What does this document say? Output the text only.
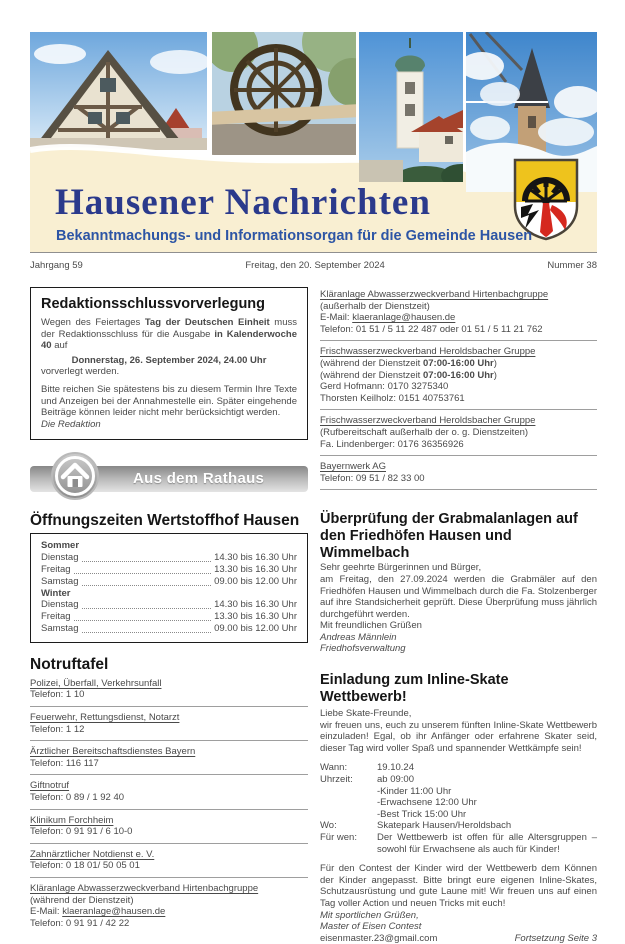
Hausener Nachrichten
Bekanntmachungs- und Informationsorgan für die Gemeinde Hausen
Jahrgang 59	Freitag, den 20. September 2024	Nummer 38
Redaktionsschlussvorverlegung

Wegen des Feiertages Tag der Deutschen Einheit muss der Redaktionsschluss für die Ausgabe in Kalenderwoche 40 auf

Donnerstag, 26. September 2024, 24.00 Uhr

vorverlegt werden.

Bitte reichen Sie spätestens bis zu diesem Termin Ihre Texte und Anzeigen bei der Annahmestelle ein. Später eingehende Beiträge können leider nicht mehr berücksichtigt werden.

Die Redaktion

Aus dem Rathaus
Öffnungszeiten Wertstoffhof Hausen
Sommer
Dienstag	14.30 bis 16.30 Uhr
Freitag	13.30 bis 16.30 Uhr
Samstag	09.00 bis 12.00 Uhr
Winter
Dienstag	14.30 bis 16.30 Uhr
Freitag	13.30 bis 16.30 Uhr
Samstag	09.00 bis 12.00 Uhr
Notruftafel
Polizei, Überfall, Verkehrsunfall
Telefon: 1 10
Feuerwehr, Rettungsdienst, Notarzt
Telefon: 1 12
Ärztlicher Bereitschaftsdienstes Bayern
Telefon: 116 117
Giftnotruf
Telefon: 0 89 / 1 92 40
Klinikum Forchheim
Telefon: 0 91 91 / 6 10-0
Zahnärztlicher Notdienst e. V.
Telefon: 0 18 01/ 50 05 01
Kläranlage Abwasserzweckverband Hirtenbachgruppe
(während der Dienstzeit)
E-Mail: klaeranlage@hausen.de
Telefon: 0 91 91 / 42 22
Kläranlage Abwasserzweckverband Hirtenbachgruppe
(außerhalb der Dienstzeit)
E-Mail: klaeranlage@hausen.de
Telefon: 01 51 / 5 11 22 487 oder 01 51 / 5 11 21 762
Frischwasserzweckverband Heroldsbacher Gruppe
(während der Dienstzeit 07:00-16:00 Uhr)
(während der Dienstzeit 07:00-16:00 Uhr)
Gerd Hofmann: 0170 3275340
Thorsten Keilholz: 0151 40753761
Frischwasserzweckverband Heroldsbacher Gruppe
(Rufbereitschaft außerhalb der o. g. Dienstzeiten)
Fa. Lindenberger: 0176 36356926
Bayernwerk AG
Telefon: 09 51 / 82 33 00
Überprüfung der Grabmalanlagen auf
den Friedhöfen Hausen und Wimmelbach

Sehr geehrte Bürgerinnen und Bürger,

am Freitag, den 27.09.2024 werden die Grabmäler auf den Friedhöfen Hausen und Wimmelbach durch die Fa. Stolzenberger auf ihre Standsicherheit geprüft. Diese Überprüfung muss jährlich durchgeführt werden.

Mit freundlichen Grüßen

Andreas Männlein

Friedhofsverwaltung

Einladung zum Inline-Skate Wettbewerb!

Liebe Skate-Freunde,

wir freuen uns, euch zu unserem fünften Inline-Skate Wettbewerb einzuladen! Egal, ob ihr Anfänger oder erfahrene Skater seid, dieser Tag wird voller Spaß und spannender Wettkämpfe sein!

Wann:	19.10.24
Uhrzeit:	ab 09:00
-Kinder 11:00 Uhr
-Erwachsene 12:00 Uhr
-Best Trick 15:00 Uhr
Wo:	Skatepark Hausen/Heroldsbach
Für wen:	Der Wettbewerb ist offen für alle Altersgruppen – sowohl für Erwachsene als auch für Kinder!

Für den Contest der Kinder wird der Wettbewerb dem Können der Kinder angepasst. Bitte bringt eure eigenen Inline-Skates, Schutzausrüstung und gute Laune mit! Wir freuen uns auf einen Tag voller Action und neuen Tricks mit euch!

Mit sportlichen Grüßen,

Master of Eisen Contest

eisenmaster.23@gmail.com	Fortsetzung Seite 3
